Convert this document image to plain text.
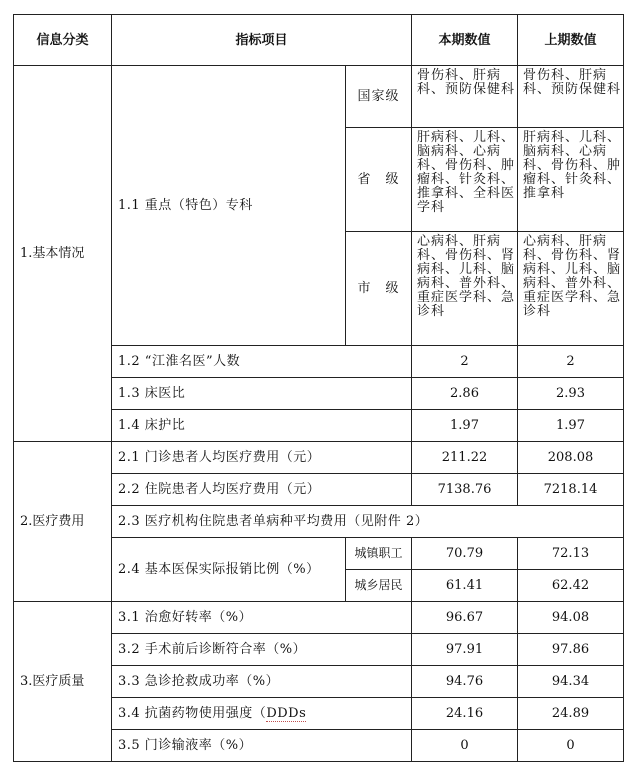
信息分类	指标项目		本期数值	上期数值
1.基本情况	1.1 重点（特色）专科	国家级	骨伤科、肝病科、预防保健科	骨伤科、肝病科、预防保健科
		省　级	肝病科、儿科、脑病科、心病科、骨伤科、肿瘤科、针灸科、推拿科、全科医学科	肝病科、儿科、脑病科、心病科、骨伤科、肿瘤科、针灸科、推拿科
		市　级	心病科、肝病科、骨伤科、肾病科、儿科、脑病科、普外科、重症医学科、急诊科	心病科、肝病科、骨伤科、肾病科、儿科、脑病科、普外科、重症医学科、急诊科
	1.2 “江淮名医”人数		2	2
	1.3 床医比		2.86	2.93
	1.4 床护比		1.97	1.97

2.医疗费用	2.1 门诊患者人均医疗费用（元）		211.22	208.08
	2.2 住院患者人均医疗费用（元）		7138.76	7218.14
	2.3 医疗机构住院患者单病种平均费用（见附件 2）			
	2.4 基本医保实际报销比例（%）	城镇职工	70.79	72.13
		城乡居民	61.41	62.42
3.医疗质量	3.1 治愈好转率（%）		96.67	94.08
	3.2 手术前后诊断符合率（%）		97.91	97.86
	3.3 急诊抢救成功率（%）		94.76	94.34
	3.4 抗菌药物使用强度（DDDs		24.16	24.89
	3.5 门诊输液率（%）		0	0
